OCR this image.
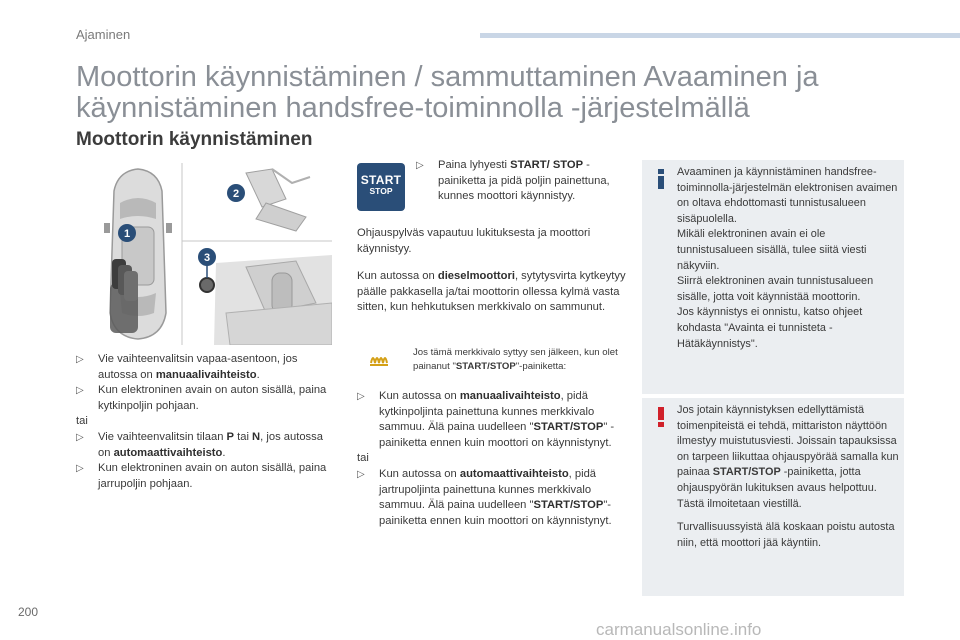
Ajaminen
Moottorin käynnistäminen / sammuttaminen Avaaminen ja käynnistäminen handsfree-toiminnolla -järjestelmällä
Moottorin käynnistäminen
1
2
3
▷ Vie vaihteenvalitsin vapaa-asentoon, jos autossa on manuaalivaihteisto.
▷ Kun elektroninen avain on auton sisällä, paina kytkinpoljin pohjaan.
tai
▷ Vie vaihteenvalitsin tilaan P tai N, jos autossa on automaattivaihteisto.
▷ Kun elektroninen avain on auton sisällä, paina jarrupoljin pohjaan.
START
STOP
▷ Paina lyhyesti START/ STOP -painiketta ja pidä poljin painettuna, kunnes moottori käynnistyy.

Ohjauspylväs vapautuu lukituksesta ja moottori käynnistyy.

Kun autossa on dieselmoottori, sytytysvirta kytkeytyy päälle pakkasella ja/tai moottorin ollessa kylmä vasta sitten, kun hehkutuksen merkkivalo on sammunut.

Jos tämä merkkivalo syttyy sen jälkeen, kun olet painanut "START/STOP"-painiketta:

▷ Kun autossa on manuaalivaihteisto, pidä kytkinpoljinta painettuna kunnes merkkivalo sammuu. Älä paina uudelleen "START/STOP" -painiketta ennen kuin moottori on käynnistynyt.
tai
▷ Kun autossa on automaattivaihteisto, pidä jartrupoljinta painettuna kunnes merkkivalo sammuu. Älä paina uudelleen "START/STOP"-painiketta ennen kuin moottori on käynnistynyt.

Avaaminen ja käynnistäminen handsfree-toiminnolla-järjestelmän elektronisen avaimen on oltava ehdottomasti tunnistusalueen sisäpuolella.

Mikäli elektroninen avain ei ole tunnistusalueen sisällä, tulee siitä viesti näkyviin.

Siirrä elektroninen avain tunnistusalueen sisälle, jotta voit käynnistää moottorin.

Jos käynnistys ei onnistu, katso ohjeet kohdasta "Avainta ei tunnisteta - Hätäkäynnistys".

Jos jotain käynnistyksen edellyttämistä toimenpiteistä ei tehdä, mittariston näyttöön ilmestyy muistutusviesti. Joissain tapauksissa on tarpeen liikuttaa ohjauspyörää samalla kun painaa START/STOP -painiketta, jotta ohjauspyörän lukituksen avaus helpottuu. Tästä ilmoitetaan viestillä.

Turvallisuussyistä älä koskaan poistu autosta niin, että moottori jää käyntiin.

200
carmanualsonline.info
